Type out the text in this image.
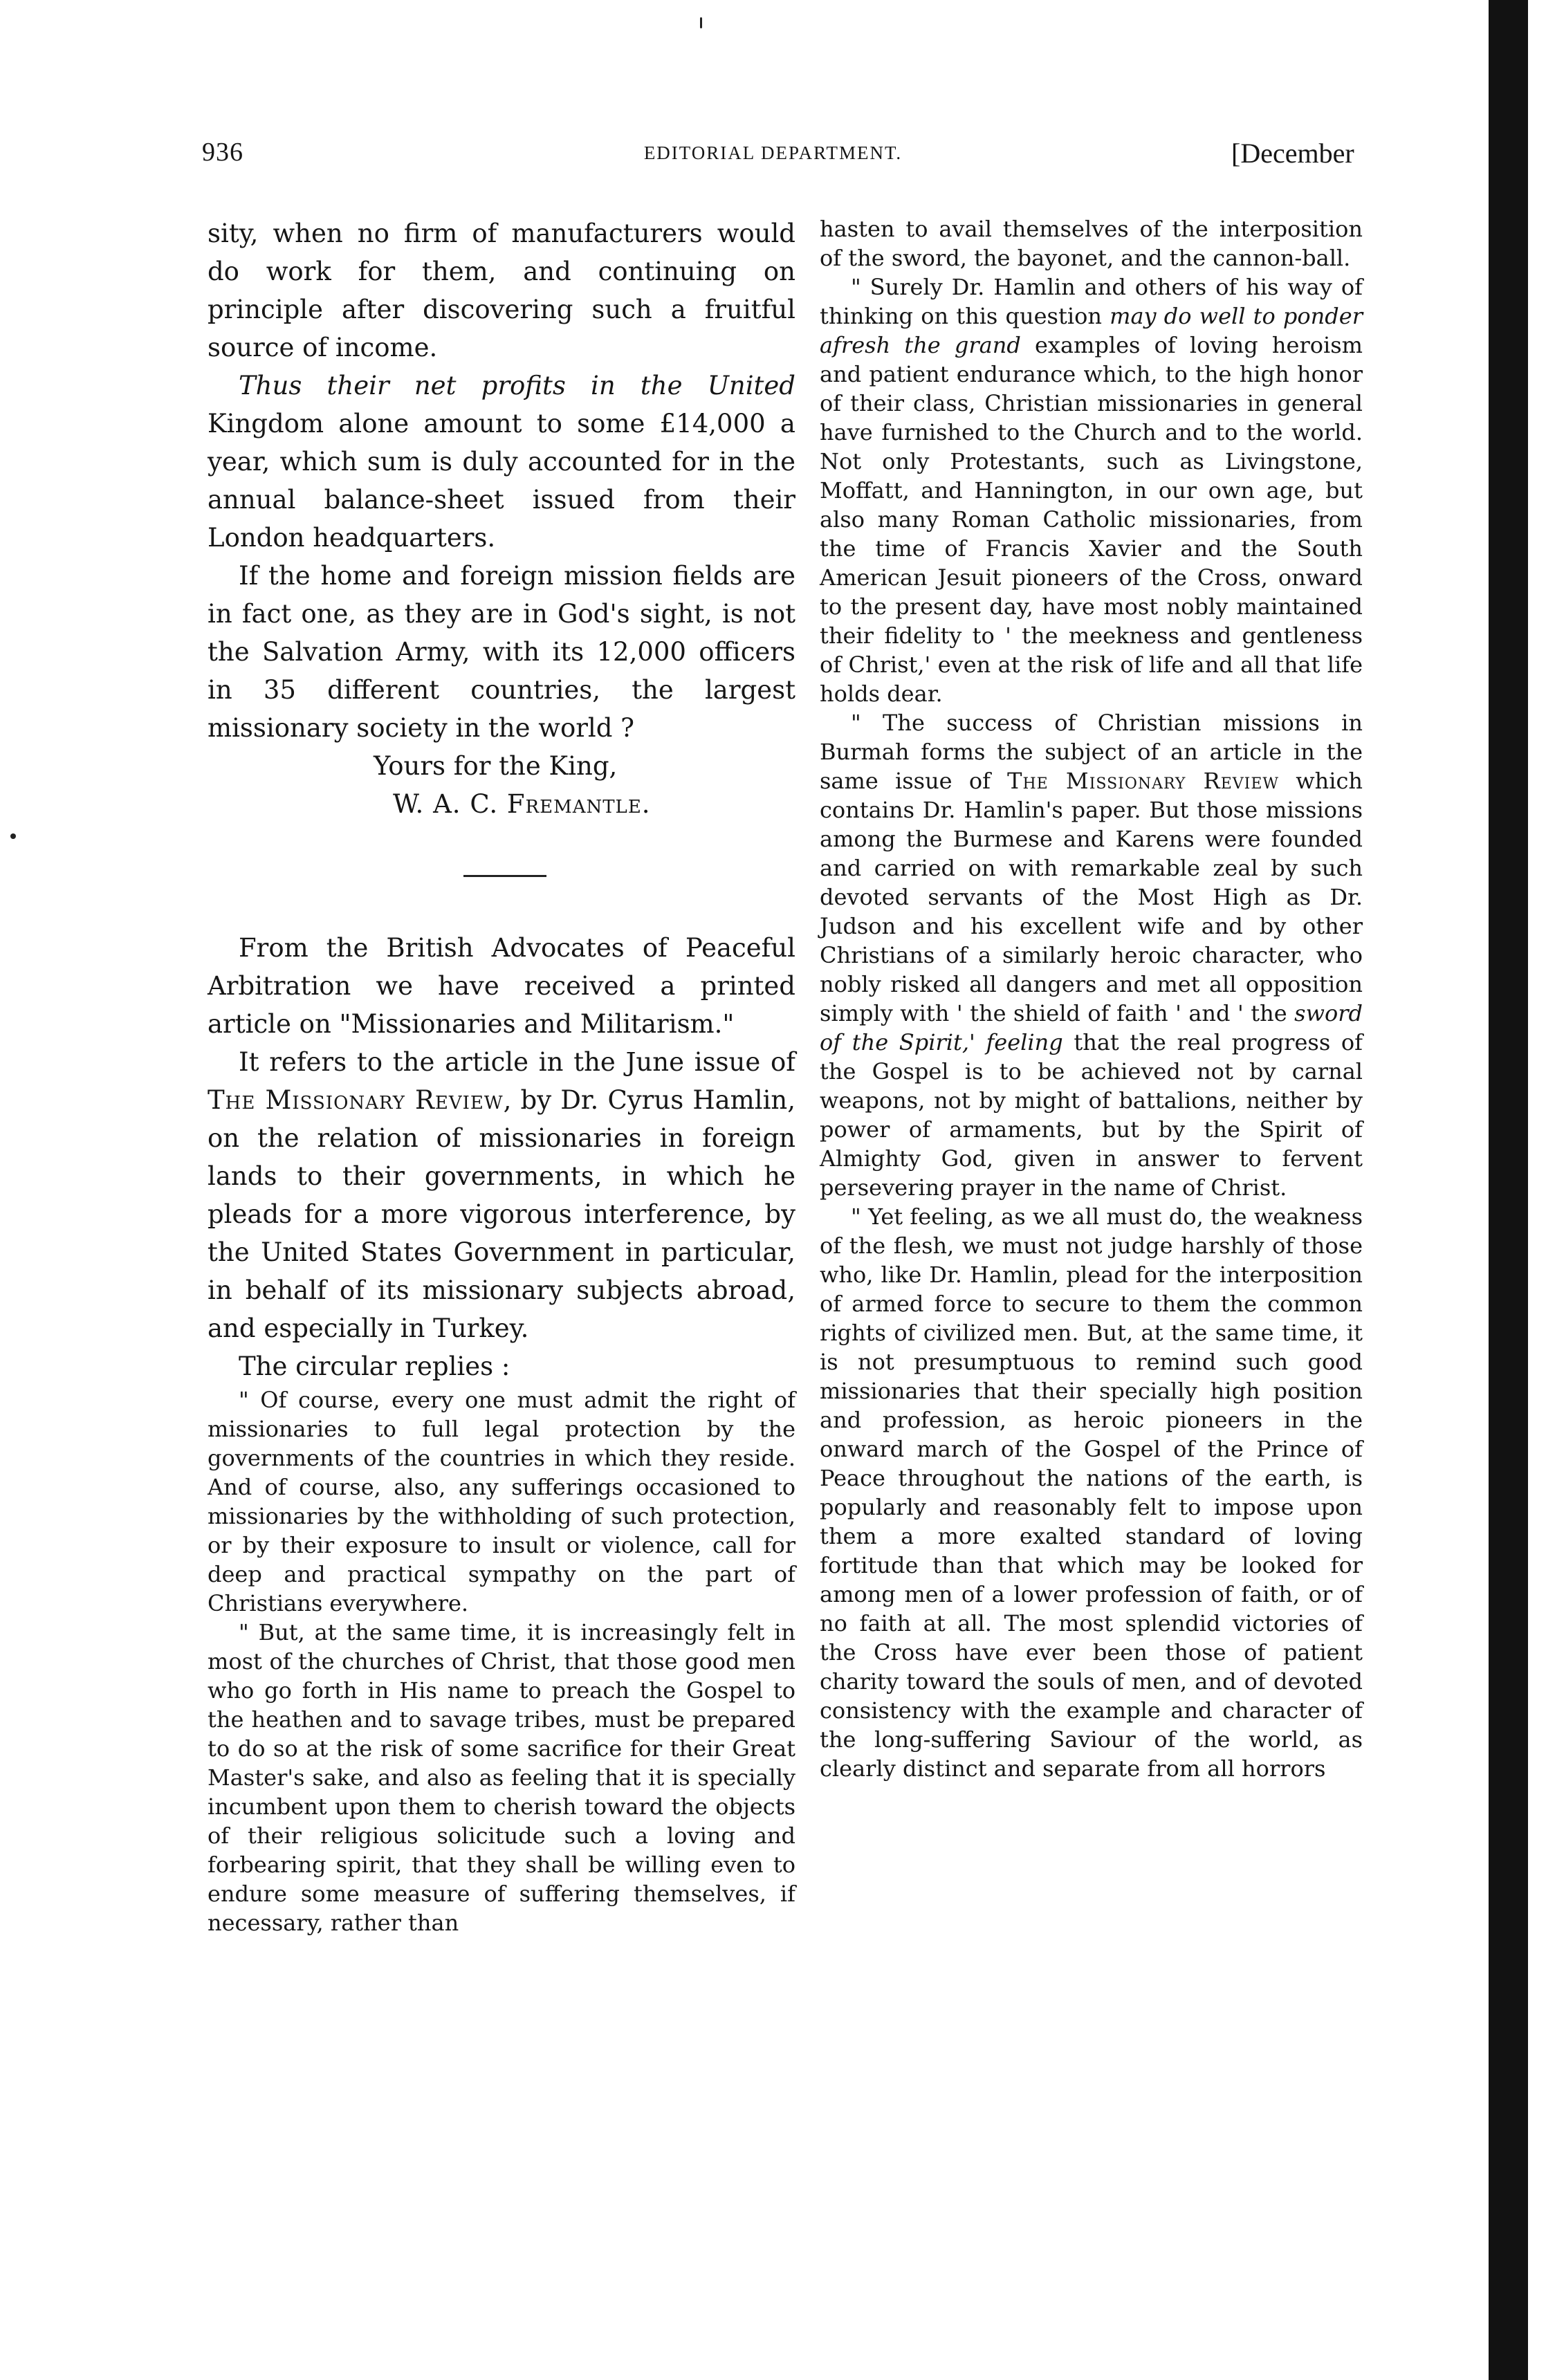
936	EDITORIAL DEPARTMENT.	[December

sity, when no firm of manufacturers would do work for them, and continuing on principle after discovering such a fruitful source of income.

Thus their net profits in the United Kingdom alone amount to some £14,000 a year, which sum is duly accounted for in the annual balance-sheet issued from their London headquarters.

If the home and foreign mission fields are in fact one, as they are in God's sight, is not the Salvation Army, with its 12,000 officers in 35 different countries, the largest missionary society in the world ?

Yours for the King,

W. A. C. Fremantle.

From the British Advocates of Peaceful Arbitration we have received a printed article on "Missionaries and Militarism."

It refers to the article in the June issue of The Missionary Review, by Dr. Cyrus Hamlin, on the relation of missionaries in foreign lands to their governments, in which he pleads for a more vigorous interference, by the United States Government in particular, in behalf of its missionary subjects abroad, and especially in Turkey.

The circular replies :

" Of course, every one must admit the right of missionaries to full legal protection by the governments of the countries in which they reside. And of course, also, any sufferings occasioned to missionaries by the withholding of such protection, or by their exposure to insult or violence, call for deep and practical sympathy on the part of Christians everywhere.

" But, at the same time, it is increasingly felt in most of the churches of Christ, that those good men who go forth in His name to preach the Gospel to the heathen and to savage tribes, must be prepared to do so at the risk of some sacrifice for their Great Master's sake, and also as feeling that it is specially incumbent upon them to cherish toward the objects of their religious solicitude such a loving and forbearing spirit, that they shall be willing even to endure some measure of suffering themselves, if necessary, rather than

hasten to avail themselves of the interposition of the sword, the bayonet, and the cannon-ball.

" Surely Dr. Hamlin and others of his way of thinking on this question may do well to ponder afresh the grand examples of loving heroism and patient endurance which, to the high honor of their class, Christian missionaries in general have furnished to the Church and to the world. Not only Protestants, such as Livingstone, Moffatt, and Hannington, in our own age, but also many Roman Catholic missionaries, from the time of Francis Xavier and the South American Jesuit pioneers of the Cross, onward to the present day, have most nobly maintained their fidelity to ' the meekness and gentleness of Christ,' even at the risk of life and all that life holds dear.

" The success of Christian missions in Burmah forms the subject of an article in the same issue of The Missionary Review which contains Dr. Hamlin's paper. But those missions among the Burmese and Karens were founded and carried on with remarkable zeal by such devoted servants of the Most High as Dr. Judson and his excellent wife and by other Christians of a similarly heroic character, who nobly risked all dangers and met all opposition simply with ' the shield of faith ' and ' the sword of the Spirit,' feeling that the real progress of the Gospel is to be achieved not by carnal weapons, not by might of battalions, neither by power of armaments, but by the Spirit of Almighty God, given in answer to fervent persevering prayer in the name of Christ.

" Yet feeling, as we all must do, the weakness of the flesh, we must not judge harshly of those who, like Dr. Hamlin, plead for the interposition of armed force to secure to them the common rights of civilized men. But, at the same time, it is not presumptuous to remind such good missionaries that their specially high position and profession, as heroic pioneers in the onward march of the Gospel of the Prince of Peace throughout the nations of the earth, is popularly and reasonably felt to impose upon them a more exalted standard of loving fortitude than that which may be looked for among men of a lower profession of faith, or of no faith at all. The most splendid victories of the Cross have ever been those of patient charity toward the souls of men, and of devoted consistency with the example and character of the long-suffering Saviour of the world, as clearly distinct and separate from all horrors
